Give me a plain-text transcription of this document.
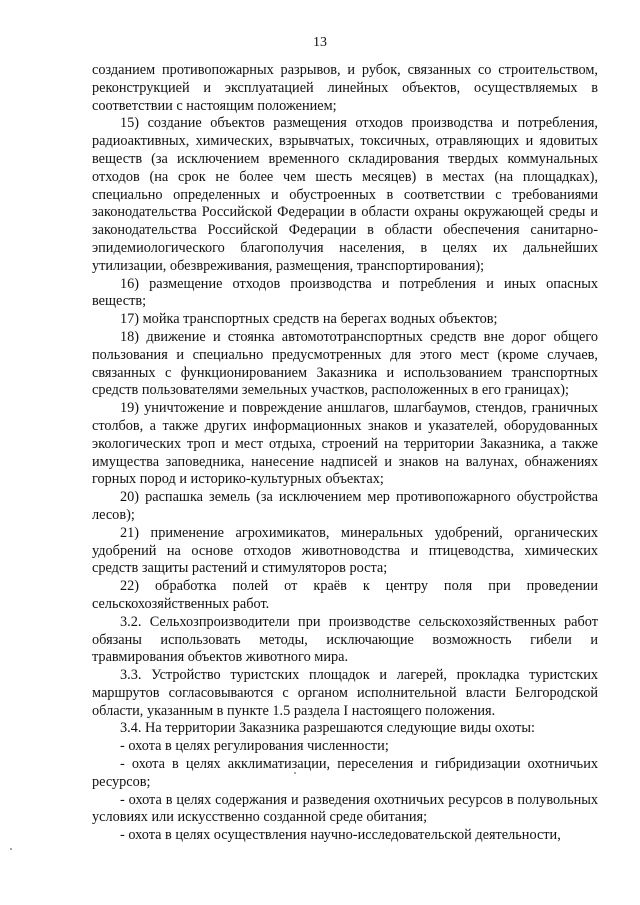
13

созданием противопожарных разрывов, и рубок, связанных со строительством, реконструкцией и эксплуатацией линейных объектов, осуществляемых в соответствии с настоящим положением;

15) создание объектов размещения отходов производства и потребления, радиоактивных, химических, взрывчатых, токсичных, отравляющих и ядовитых веществ (за исключением временного складирования твердых коммунальных отходов (на срок не более чем шесть месяцев) в местах (на площадках), специально определенных и обустроенных в соответствии с требованиями законодательства Российской Федерации в области охраны окружающей среды и законодательства Российской Федерации в области обеспечения санитарно-эпидемиологического благополучия населения, в целях их дальнейших утилизации, обезвреживания, размещения, транспортирования);

16) размещение отходов производства и потребления и иных опасных веществ;

17) мойка транспортных средств на берегах водных объектов;

18) движение и стоянка автомототранспортных средств вне дорог общего пользования и специально предусмотренных для этого мест (кроме случаев, связанных с функционированием Заказника и использованием транспортных средств пользователями земельных участков, расположенных в его границах);

19) уничтожение и повреждение аншлагов, шлагбаумов, стендов, граничных столбов, а также других информационных знаков и указателей, оборудованных экологических троп и мест отдыха, строений на территории Заказника, а также имущества заповедника, нанесение надписей и знаков на валунах, обнажениях горных пород и историко-культурных объектах;

20) распашка земель (за исключением мер противопожарного обустройства лесов);

21) применение агрохимикатов, минеральных удобрений, органических удобрений на основе отходов животноводства и птицеводства, химических средств защиты растений и стимуляторов роста;

22) обработка полей от краёв к центру поля при проведении сельскохозяйственных работ.

3.2. Сельхозпроизводители при производстве сельскохозяйственных работ обязаны использовать методы, исключающие возможность гибели и травмирования объектов животного мира.

3.3. Устройство туристских площадок и лагерей, прокладка туристских маршрутов согласовываются с органом исполнительной власти Белгородской области, указанным в пункте 1.5 раздела I настоящего положения.

3.4. На территории Заказника разрешаются следующие виды охоты:

- охота в целях регулирования численности;

- охота в целях акклиматизации, переселения и гибридизации охотничьих ресурсов;

- охота в целях содержания и разведения охотничьих ресурсов в полувольных условиях или искусственно созданной среде обитания;

- охота в целях осуществления научно-исследовательской деятельности,
